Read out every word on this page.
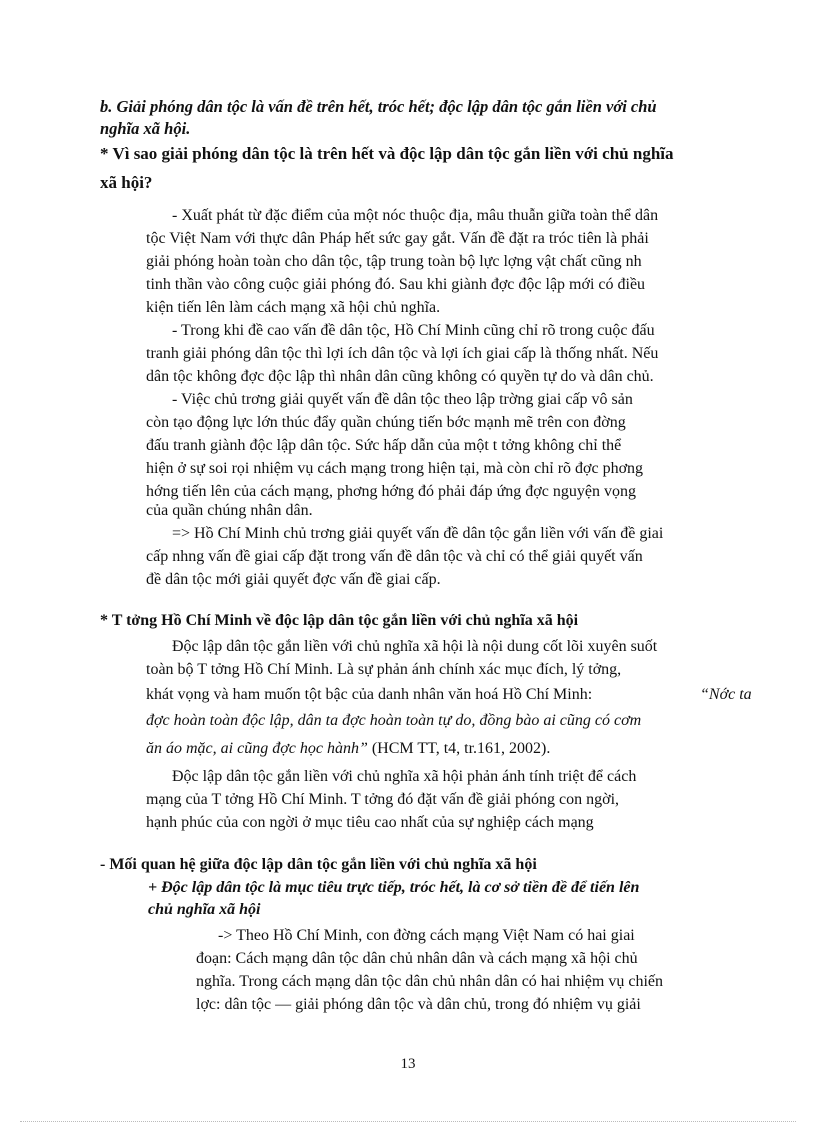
b. Giải phóng dân tộc là vấn đề trên hết, tróc hết; độc lập dân tộc gắn liền với chủ
nghĩa xã hội.
* Vì sao giải phóng dân tộc là trên hết và độc lập dân tộc gắn liền với chủ nghĩa
xã hội?
- Xuất phát từ đặc điểm của một nóc thuộc địa, mâu thuẫn giữa toàn thể dân
tộc Việt Nam với thực dân Pháp hết sức gay gắt. Vấn đề đặt ra tróc tiên là phải
giải phóng hoàn toàn cho dân tộc, tập trung toàn bộ lực lợng vật chất cũng nh
tinh thần vào công cuộc giải phóng đó. Sau khi giành đợc độc lập mới có điều
kiện tiến lên làm cách mạng xã hội chủ nghĩa.
- Trong khi đề cao vấn đề dân tộc, Hồ Chí Minh cũng chỉ rõ trong cuộc đấu
tranh giải phóng dân tộc thì lợi ích dân tộc và lợi ích giai cấp là thống nhất. Nếu
dân tộc không đợc độc lập thì nhân dân cũng không có quyền tự do và dân chủ.
- Việc chủ trơng giải quyết vấn đề dân tộc theo lập trờng giai cấp vô sản
còn tạo động lực lớn thúc đẩy quần chúng tiến bớc mạnh mẽ trên con đờng
đấu tranh giành độc lập dân tộc. Sức hấp dẫn của một t tởng không chỉ thể
hiện ở sự soi rọi nhiệm vụ cách mạng trong hiện tại, mà còn chỉ rõ đợc phơng
hớng tiến lên của cách mạng, phơng hớng đó phải đáp ứng đợc nguyện vọng
của quần chúng nhân dân.
=> Hồ Chí Minh chủ trơng giải quyết vấn đề dân tộc gắn liền với vấn đề giai
cấp nhng vấn đề giai cấp đặt trong vấn đề dân tộc và chỉ có thể giải quyết vấn
đề dân tộc mới giải quyết đợc vấn đề giai cấp.
* T tởng Hồ Chí Minh về độc lập dân tộc gắn liền với chủ nghĩa xã hội
Độc lập dân tộc gắn liền với chủ nghĩa xã hội là nội dung cốt lõi xuyên suốt
toàn bộ T tởng Hồ Chí Minh. Là sự phản ánh chính xác mục đích, lý tởng,
khát vọng và ham muốn tột bậc của danh nhân văn hoá Hồ Chí Minh:	“Nớc ta
đợc hoàn toàn độc lập, dân ta đợc hoàn toàn tự do, đồng bào ai cũng có cơm
ăn áo mặc, ai cũng đợc học hành” (HCM TT, t4, tr.161, 2002).
Độc lập dân tộc gắn liền với chủ nghĩa xã hội phản ánh tính triệt để cách
mạng của T tởng Hồ Chí Minh. T tởng đó đặt vấn đề giải phóng con ngời,
hạnh phúc của con ngời ở mục tiêu cao nhất của sự nghiệp cách mạng
- Mối quan hệ giữa độc lập dân tộc gắn liền với chủ nghĩa xã hội
+ Độc lập dân tộc là mục tiêu trực tiếp, tróc hết, là cơ sở tiền đề để tiến lên
chủ nghĩa xã hội
-> Theo Hồ Chí Minh, con đờng cách mạng Việt Nam có hai giai
đoạn: Cách mạng dân tộc dân chủ nhân dân và cách mạng xã hội chủ
nghĩa. Trong cách mạng dân tộc dân chủ nhân dân có hai nhiệm vụ chiến
lợc: dân tộc — giải phóng dân tộc và dân chủ, trong đó nhiệm vụ giải
13
